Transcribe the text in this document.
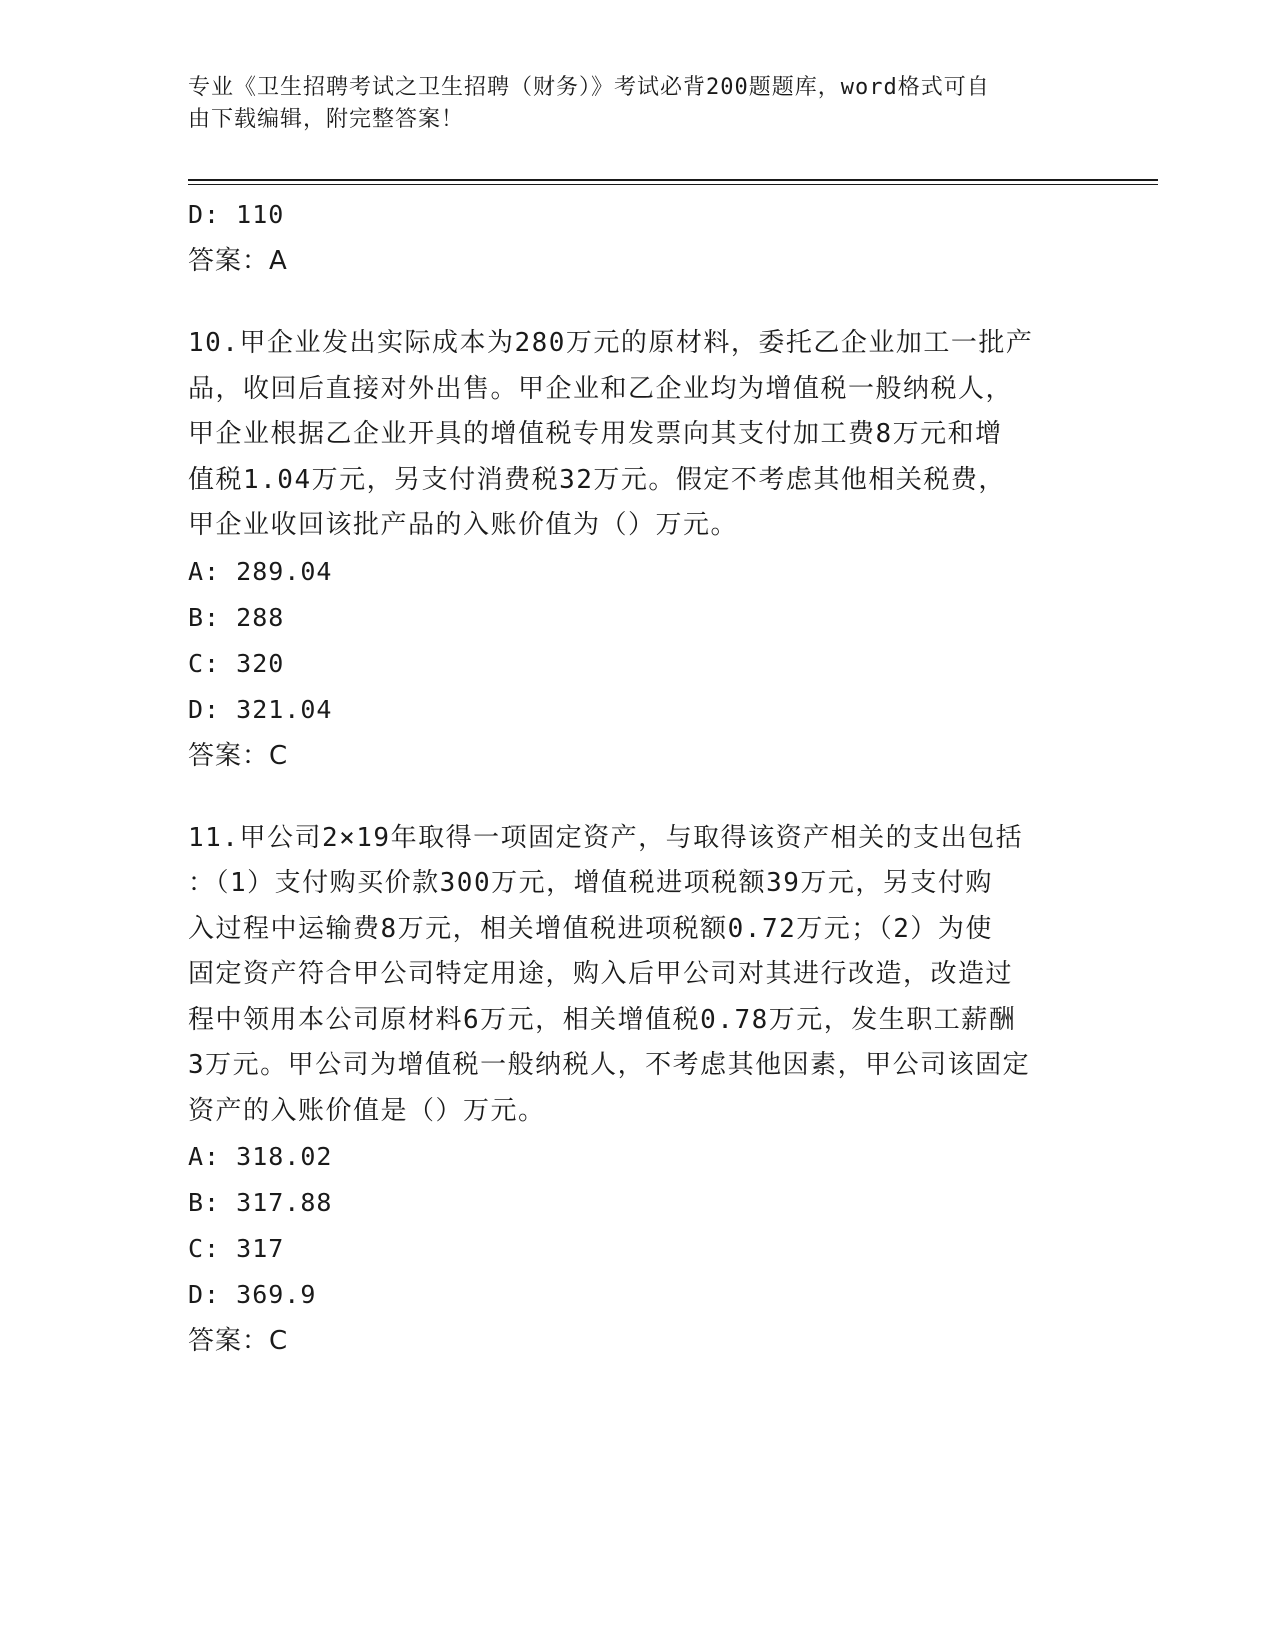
专业《卫生招聘考试之卫生招聘（财务）》考试必背200题题库，word格式可自
由下载编辑，附完整答案！
D: 110
答案：A
10.甲企业发出实际成本为280万元的原材料，委托乙企业加工一批产
品，收回后直接对外出售。甲企业和乙企业均为增值税一般纳税人，
甲企业根据乙企业开具的增值税专用发票向其支付加工费8万元和增
值税1.04万元，另支付消费税32万元。假定不考虑其他相关税费，
甲企业收回该批产品的入账价值为（）万元。
A: 289.04
B: 288
C: 320
D: 321.04
答案：C
11.甲公司2×19年取得一项固定资产，与取得该资产相关的支出包括
：（1）支付购买价款300万元，增值税进项税额39万元，另支付购
入过程中运输费8万元，相关增值税进项税额0.72万元；（2）为使
固定资产符合甲公司特定用途，购入后甲公司对其进行改造，改造过
程中领用本公司原材料6万元，相关增值税0.78万元，发生职工薪酬
3万元。甲公司为增值税一般纳税人，不考虑其他因素，甲公司该固定
资产的入账价值是（）万元。
A: 318.02
B: 317.88
C: 317
D: 369.9
答案：C
